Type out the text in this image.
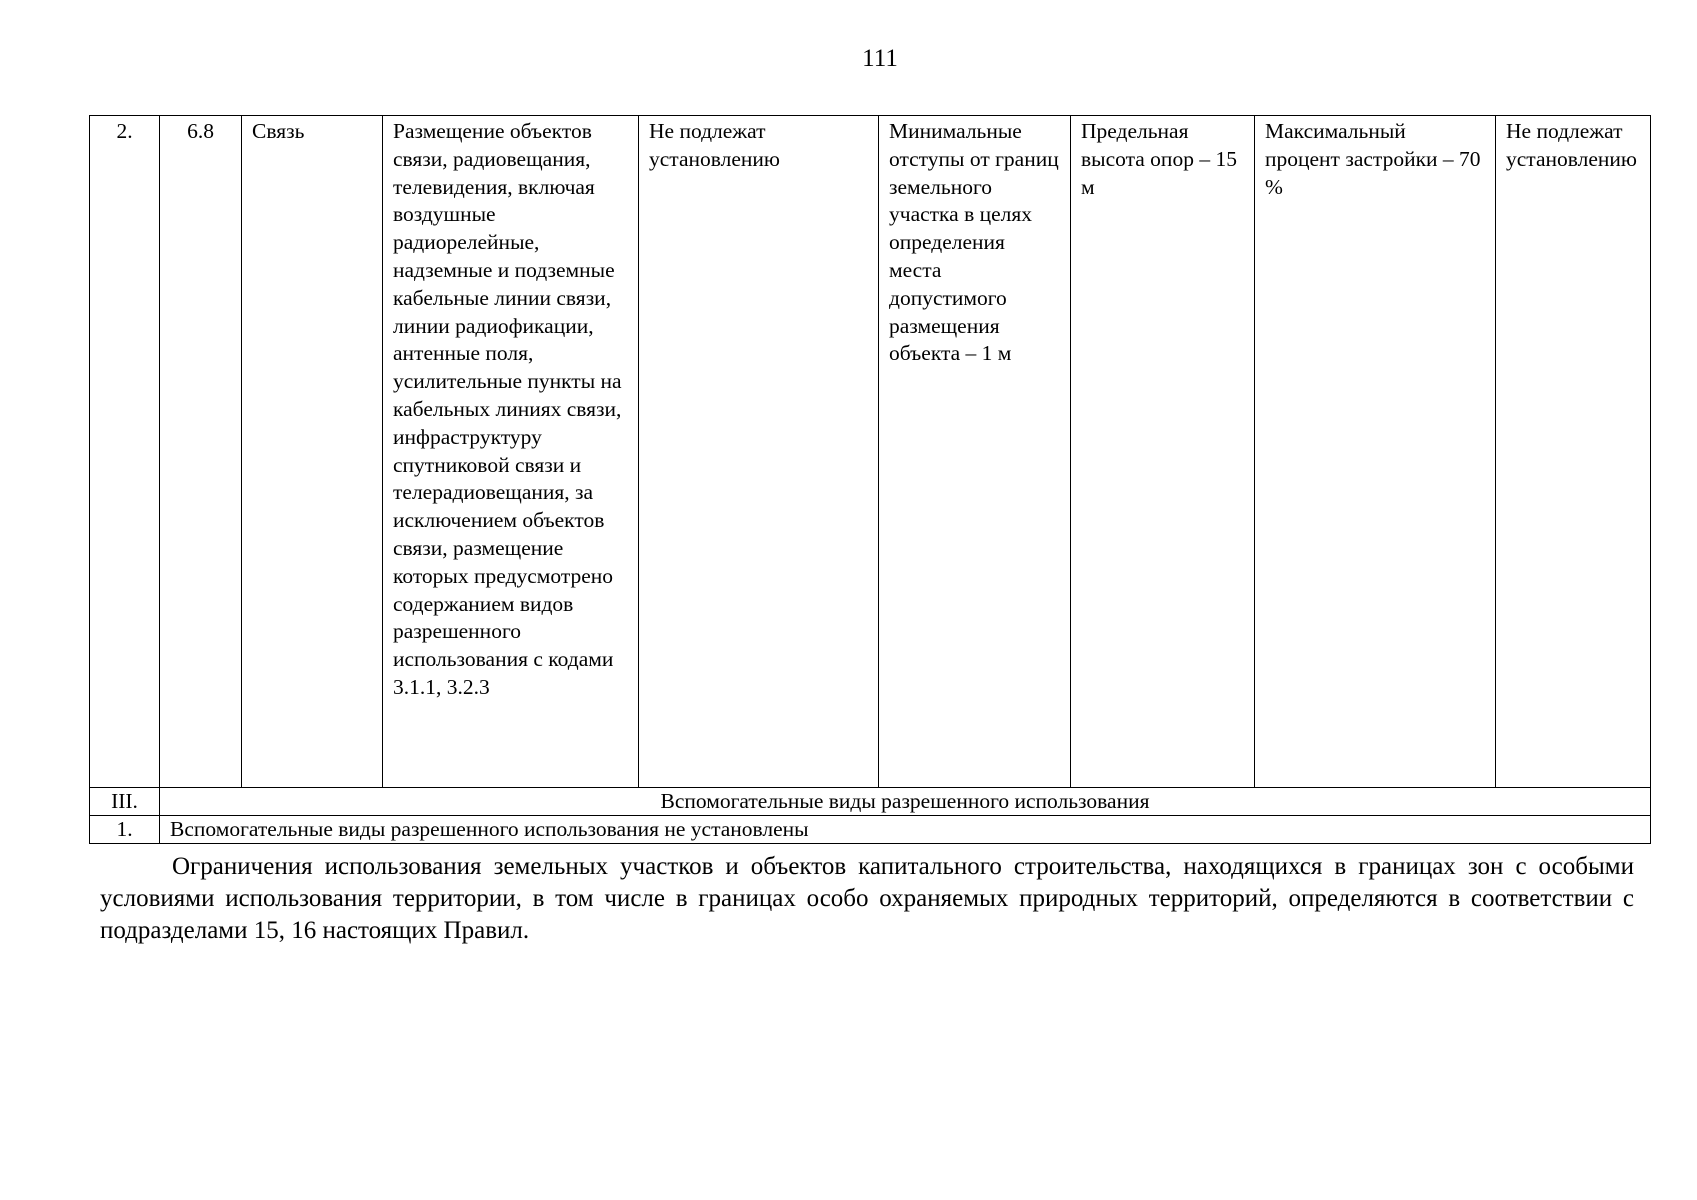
111
2.	6.8	Связь	Размещение объектов связи, радиовещания, телевидения, включая воздушные радиорелейные, надземные и подземные кабельные линии связи, линии радиофикации, антенные поля, усилительные пункты на кабельных линиях связи, инфраструктуру спутниковой связи и телерадиовещания, за исключением объектов связи, размещение которых предусмотрено содержанием видов разрешенного использования с кодами 3.1.1, 3.2.3	Не подлежат установлению	Минимальные отступы от границ земельного участка в целях определения места допустимого размещения объекта – 1 м	Предельная высота опор – 15 м	Максимальный процент застройки – 70 %	Не подлежат установлению
III.	Вспомогательные виды разрешенного использования							
1.	Вспомогательные виды разрешенного использования не установлены							

Ограничения использования земельных участков и объектов капитального строительства, находящихся в границах зон с особыми условиями использования территории, в том числе в границах особо охраняемых природных территорий, определяются в соответствии с подразделами 15, 16 настоящих Правил.
